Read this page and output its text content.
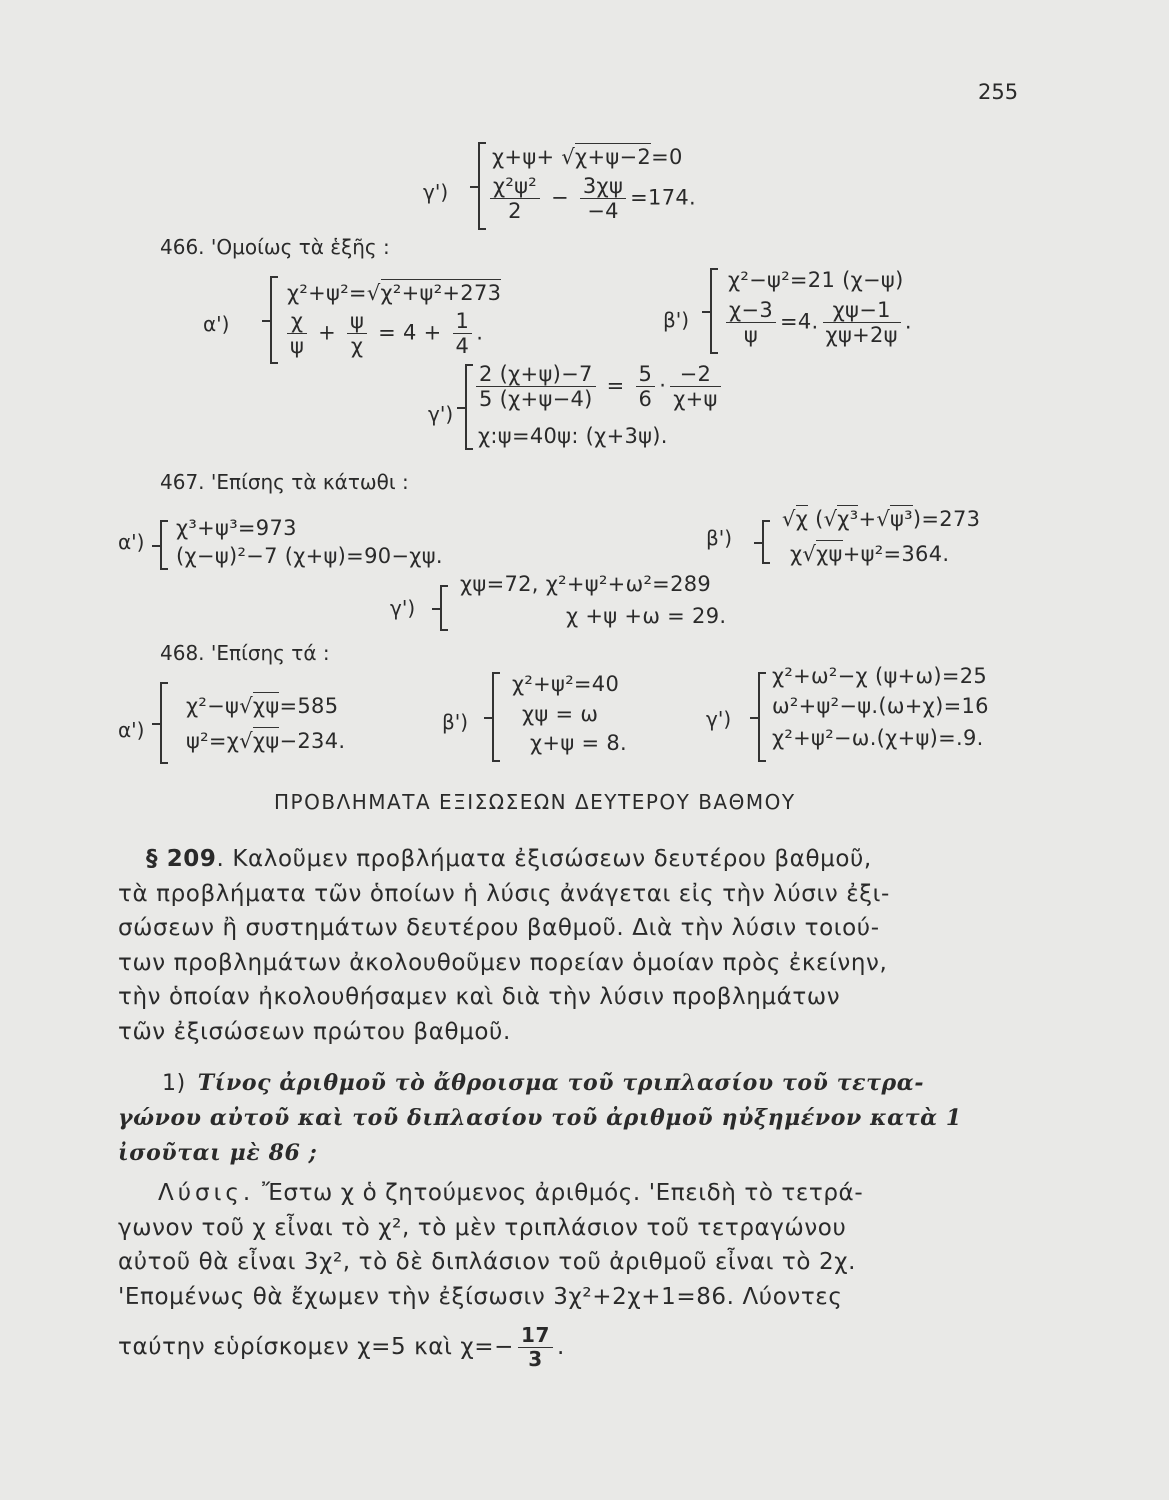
255
γ')
χ+ψ+ √χ+ψ−2=0
$\frac{\text{χ²ψ²}}{2} - \frac{3\chi\psi}{-4} =174$.
466. 'Ομοίως τὰ ἑξῆς :
α')
χ²+ψ²=√χ²+ψ²+273
$\frac{\chi}{\psi} + \frac{\psi}{\chi} = 4 + \frac{1}{4}$ .
β')
χ²−ψ²=21 (χ−ψ)
$\frac{\chi-3}{\psi} =4$. $\frac{\chi\psi-1}{\chi\psi+2\psi}$ .
γ')
$\frac{2 (\chi+\psi)-7}{5 (\chi+\psi-4)} = \frac{5}{6} \cdot \frac{-2}{\chi+\psi}$
χ:ψ=40ψ: (χ+3ψ).
467. 'Επίσης τὰ κάτωθι :
α')
χ³+ψ³=973
(χ−ψ)²−7 (χ+ψ)=90−χψ.
β')
√χ (√χ³+√ψ³)=273
χ√χψ+ψ²=364.
γ')
χψ=72, χ²+ψ²+ω²=289
χ +ψ +ω = 29.
468. 'Επίσης τά :
α')
χ²−ψ√χψ=585
ψ²=χ√χψ−234.
β')
χ²+ψ²=40
χψ = ω
χ+ψ = 8.
γ')
χ²+ω²−χ (ψ+ω)=25
ω²+ψ²−ψ.(ω+χ)=16
χ²+ψ²−ω.(χ+ψ)=.9.
ΠΡΟΒΛΗΜΑΤΑ ΕΞΙΣΩΣΕΩΝ ΔΕΥΤΕΡΟΥ ΒΑΘΜΟΥ
§ 209. Καλοῦμεν προβλήματα ἐξισώσεων δευτέρου βαθμοῦ,
τὰ προβλήματα τῶν ὁποίων ἡ λύσις ἀνάγεται εἰς τὴν λύσιν ἐξι-
σώσεων ἢ συστημάτων δευτέρου βαθμοῦ. Διὰ τὴν λύσιν τοιού-
των προβλημάτων ἀκολουθοῦμεν πορείαν ὁμοίαν πρὸς ἐκείνην,
τὴν ὁποίαν ἠκολουθήσαμεν καὶ διὰ τὴν λύσιν προβλημάτων
τῶν ἐξισώσεων πρώτου βαθμοῦ.
1) Τίνος ἀριθμοῦ τὸ ἄθροισμα τοῦ τριπλασίου τοῦ τετρα-
γώνου αὐτοῦ καὶ τοῦ διπλασίου τοῦ ἀριθμοῦ ηὐξημένον κατὰ 1
ἰσοῦται μὲ 86 ;
Λύσις. Ἔστω χ ὁ ζητούμενος ἀριθμός. 'Επειδὴ τὸ τετρά-
γωνον τοῦ χ εἶναι τὸ χ², τὸ μὲν τριπλάσιον τοῦ τετραγώνου
αὐτοῦ θὰ εἶναι 3χ², τὸ δὲ διπλάσιον τοῦ ἀριθμοῦ εἶναι τὸ 2χ.
'Επομένως θὰ ἔχωμεν τὴν ἐξίσωσιν 3χ²+2χ+1=86. Λύοντες
ταύτην εὑρίσκομεν χ=5 καὶ $\chi=- \frac{17}{3}$ .
